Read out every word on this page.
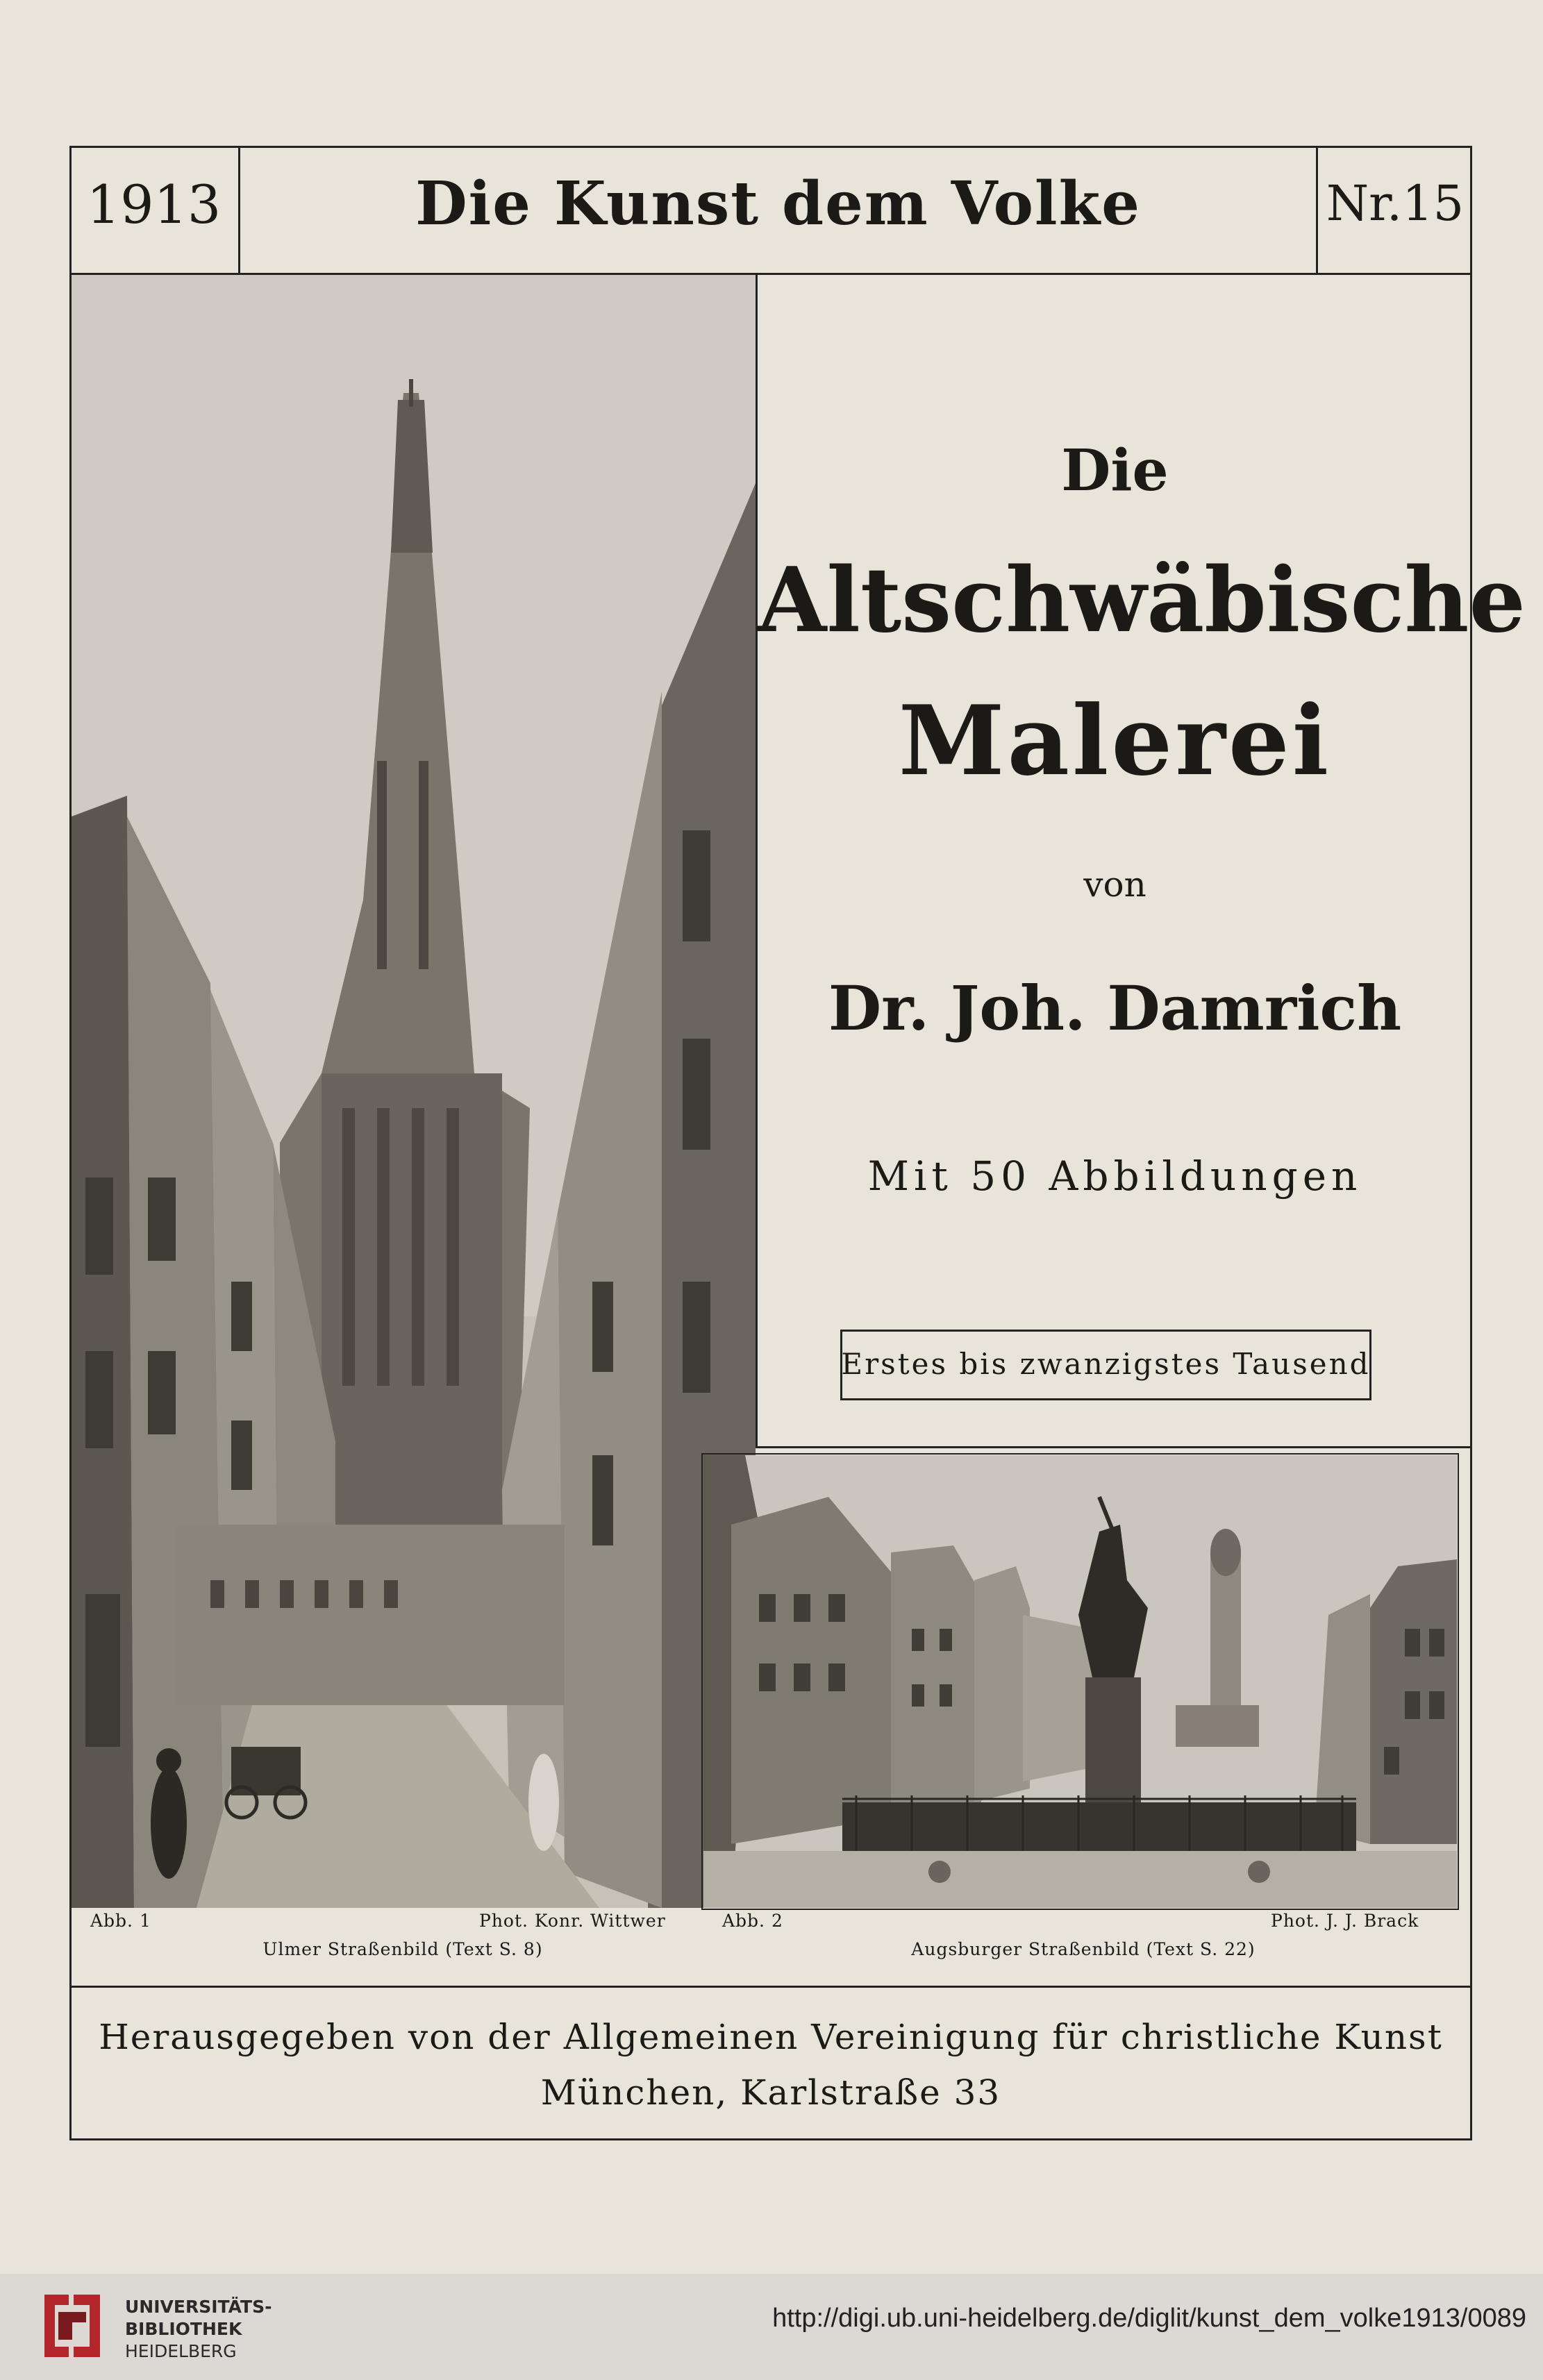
1913	Die Kunst dem Volke	Nr.15
Die
Altschwäbische
Malerei
von
Dr. Joh. Damrich
Mit 50 Abbildungen
Erstes bis zwanzigstes Tausend
Abb. 1	Phot. Konr. Wittwer
Ulmer Straßenbild (Text S. 8)
Abb. 2	Phot. J. J. Brack
Augsburger Straßenbild (Text S. 22)
Herausgegeben von der Allgemeinen Vereinigung für christliche Kunst
München, Karlstraße 33
UNIVERSITÄTS-
BIBLIOTHEK
HEIDELBERG
http://digi.ub.uni-heidelberg.de/diglit/kunst_dem_volke1913/0089
